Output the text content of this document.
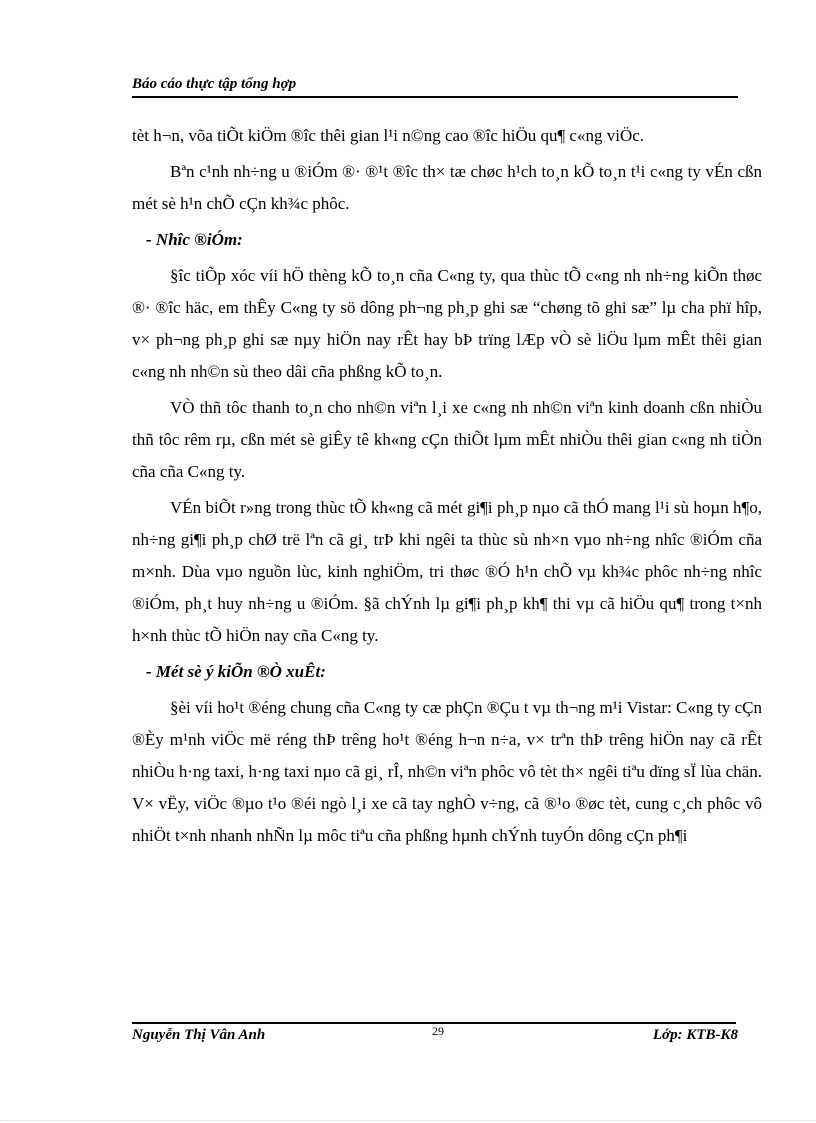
Báo cáo thực tập tổng hợp

tèt h¬n, võa tiÕt kiÖm ®îc thêi gian l¹i n©ng cao ®îc hiÖu qu¶ c«ng viÖc.

Bªn c¹nh nh÷ng u ®iÓm ®· ®¹t ®îc th× tæ chøc h¹ch to¸n kÕ to¸n t¹i c«ng ty vÉn cßn mét sè h¹n chÕ cÇn kh¾c phôc.

- Nhîc ®iÓm:

§îc tiÕp xóc víi hÖ thèng kÕ to¸n cña C«ng ty, qua thùc tÕ c«ng nh nh÷ng kiÕn thøc ®· ®îc häc, em thÊy C«ng ty sö dông ph¬ng ph¸p ghi sæ “chøng tõ ghi sæ” lµ cha phï hîp, v× ph¬ng ph¸p ghi sæ nµy hiÖn nay rÊt hay bÞ trïng lÆp vÒ sè liÖu lµm mÊt thêi gian c«ng nh nh©n sù theo dâi cña phßng kÕ to¸n.

VÒ thñ tôc thanh to¸n cho nh©n viªn l¸i xe c«ng nh nh©n viªn kinh doanh cßn nhiÒu thñ tôc rêm rµ, cßn mét sè giÊy tê kh«ng cÇn thiÕt lµm mÊt nhiÒu thêi gian c«ng nh tiÒn cña cña C«ng ty.

VÉn biÕt r»ng trong thùc tÕ kh«ng cã mét gi¶i ph¸p nµo cã thÓ mang l¹i sù hoµn h¶o, nh÷ng gi¶i ph¸p chØ trë lªn cã gi¸ trÞ khi ngêi ta thùc sù nh×n vµo nh÷ng nhîc ®iÓm cña m×nh. Dùa vµo nguồn lùc, kinh nghiÖm, tri thøc ®Ó h¹n chÕ vµ kh¾c phôc nh÷ng nhîc ®iÓm, ph¸t huy nh÷ng u ®iÓm. §ã chÝnh lµ gi¶i ph¸p kh¶ thi vµ cã hiÖu qu¶ trong t×nh h×nh thùc tÕ hiÖn nay cña C«ng ty.

- Mét sè ý kiÕn ®Ò xuÊt:

§èi víi ho¹t ®éng chung cña C«ng ty cæ phÇn ®Çu t vµ th¬ng m¹i Vistar: C«ng ty cÇn ®Èy m¹nh viÖc më réng thÞ trêng ho¹t ®éng h¬n n÷a, v× trªn thÞ trêng hiÖn nay cã rÊt nhiÒu h·ng taxi, h·ng taxi nµo cã gi¸ rÎ, nh©n viªn phôc vô tèt th× ngêi tiªu dïng sÏ lùa chän. V× vËy, viÖc ®µo t¹o ®éi ngò l¸i xe cã tay nghÒ v÷ng, cã ®¹o ®øc tèt, cung c¸ch phôc vô nhiÖt t×nh nhanh nhÑn lµ môc tiªu cña phßng hµnh chÝnh tuyÓn dông cÇn ph¶i

Nguyễn Thị Vân Anh	29	Lớp: KTB-K8
